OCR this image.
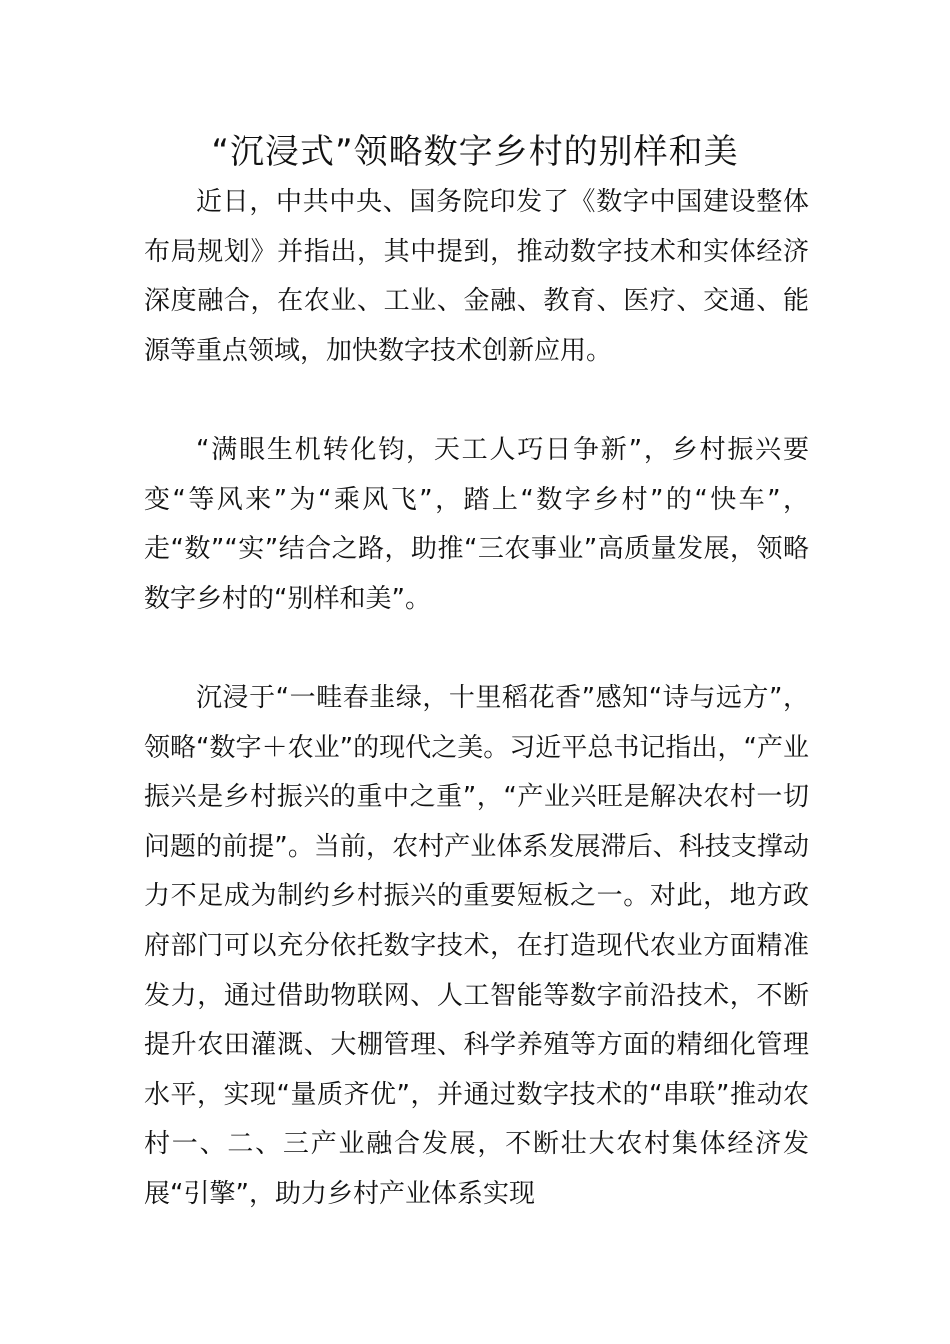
“沉浸式”领略数字乡村的别样和美

近日，中共中央、国务院印发了《数字中国建设整体布局规划》并指出，其中提到，推动数字技术和实体经济深度融合，在农业、工业、金融、教育、医疗、交通、能源等重点领域，加快数字技术创新应用。

“满眼生机转化钧，天工人巧日争新”，乡村振兴要变“等风来”为“乘风飞”，踏上“数字乡村”的“快车”，走“数”“实”结合之路，助推“三农事业”高质量发展，领略数字乡村的“别样和美”。

沉浸于“一畦春韭绿，十里稻花香”感知“诗与远方”，领略“数字＋农业”的现代之美。习近平总书记指出，“产业振兴是乡村振兴的重中之重”，“产业兴旺是解决农村一切问题的前提”。当前，农村产业体系发展滞后、科技支撑动力不足成为制约乡村振兴的重要短板之一。对此，地方政府部门可以充分依托数字技术，在打造现代农业方面精准发力，通过借助物联网、人工智能等数字前沿技术，不断提升农田灌溉、大棚管理、科学养殖等方面的精细化管理水平，实现“量质齐优”，并通过数字技术的“串联”推动农村一、二、三产业融合发展，不断壮大农村集体经济发展“引擎”，助力乡村产业体系实现
